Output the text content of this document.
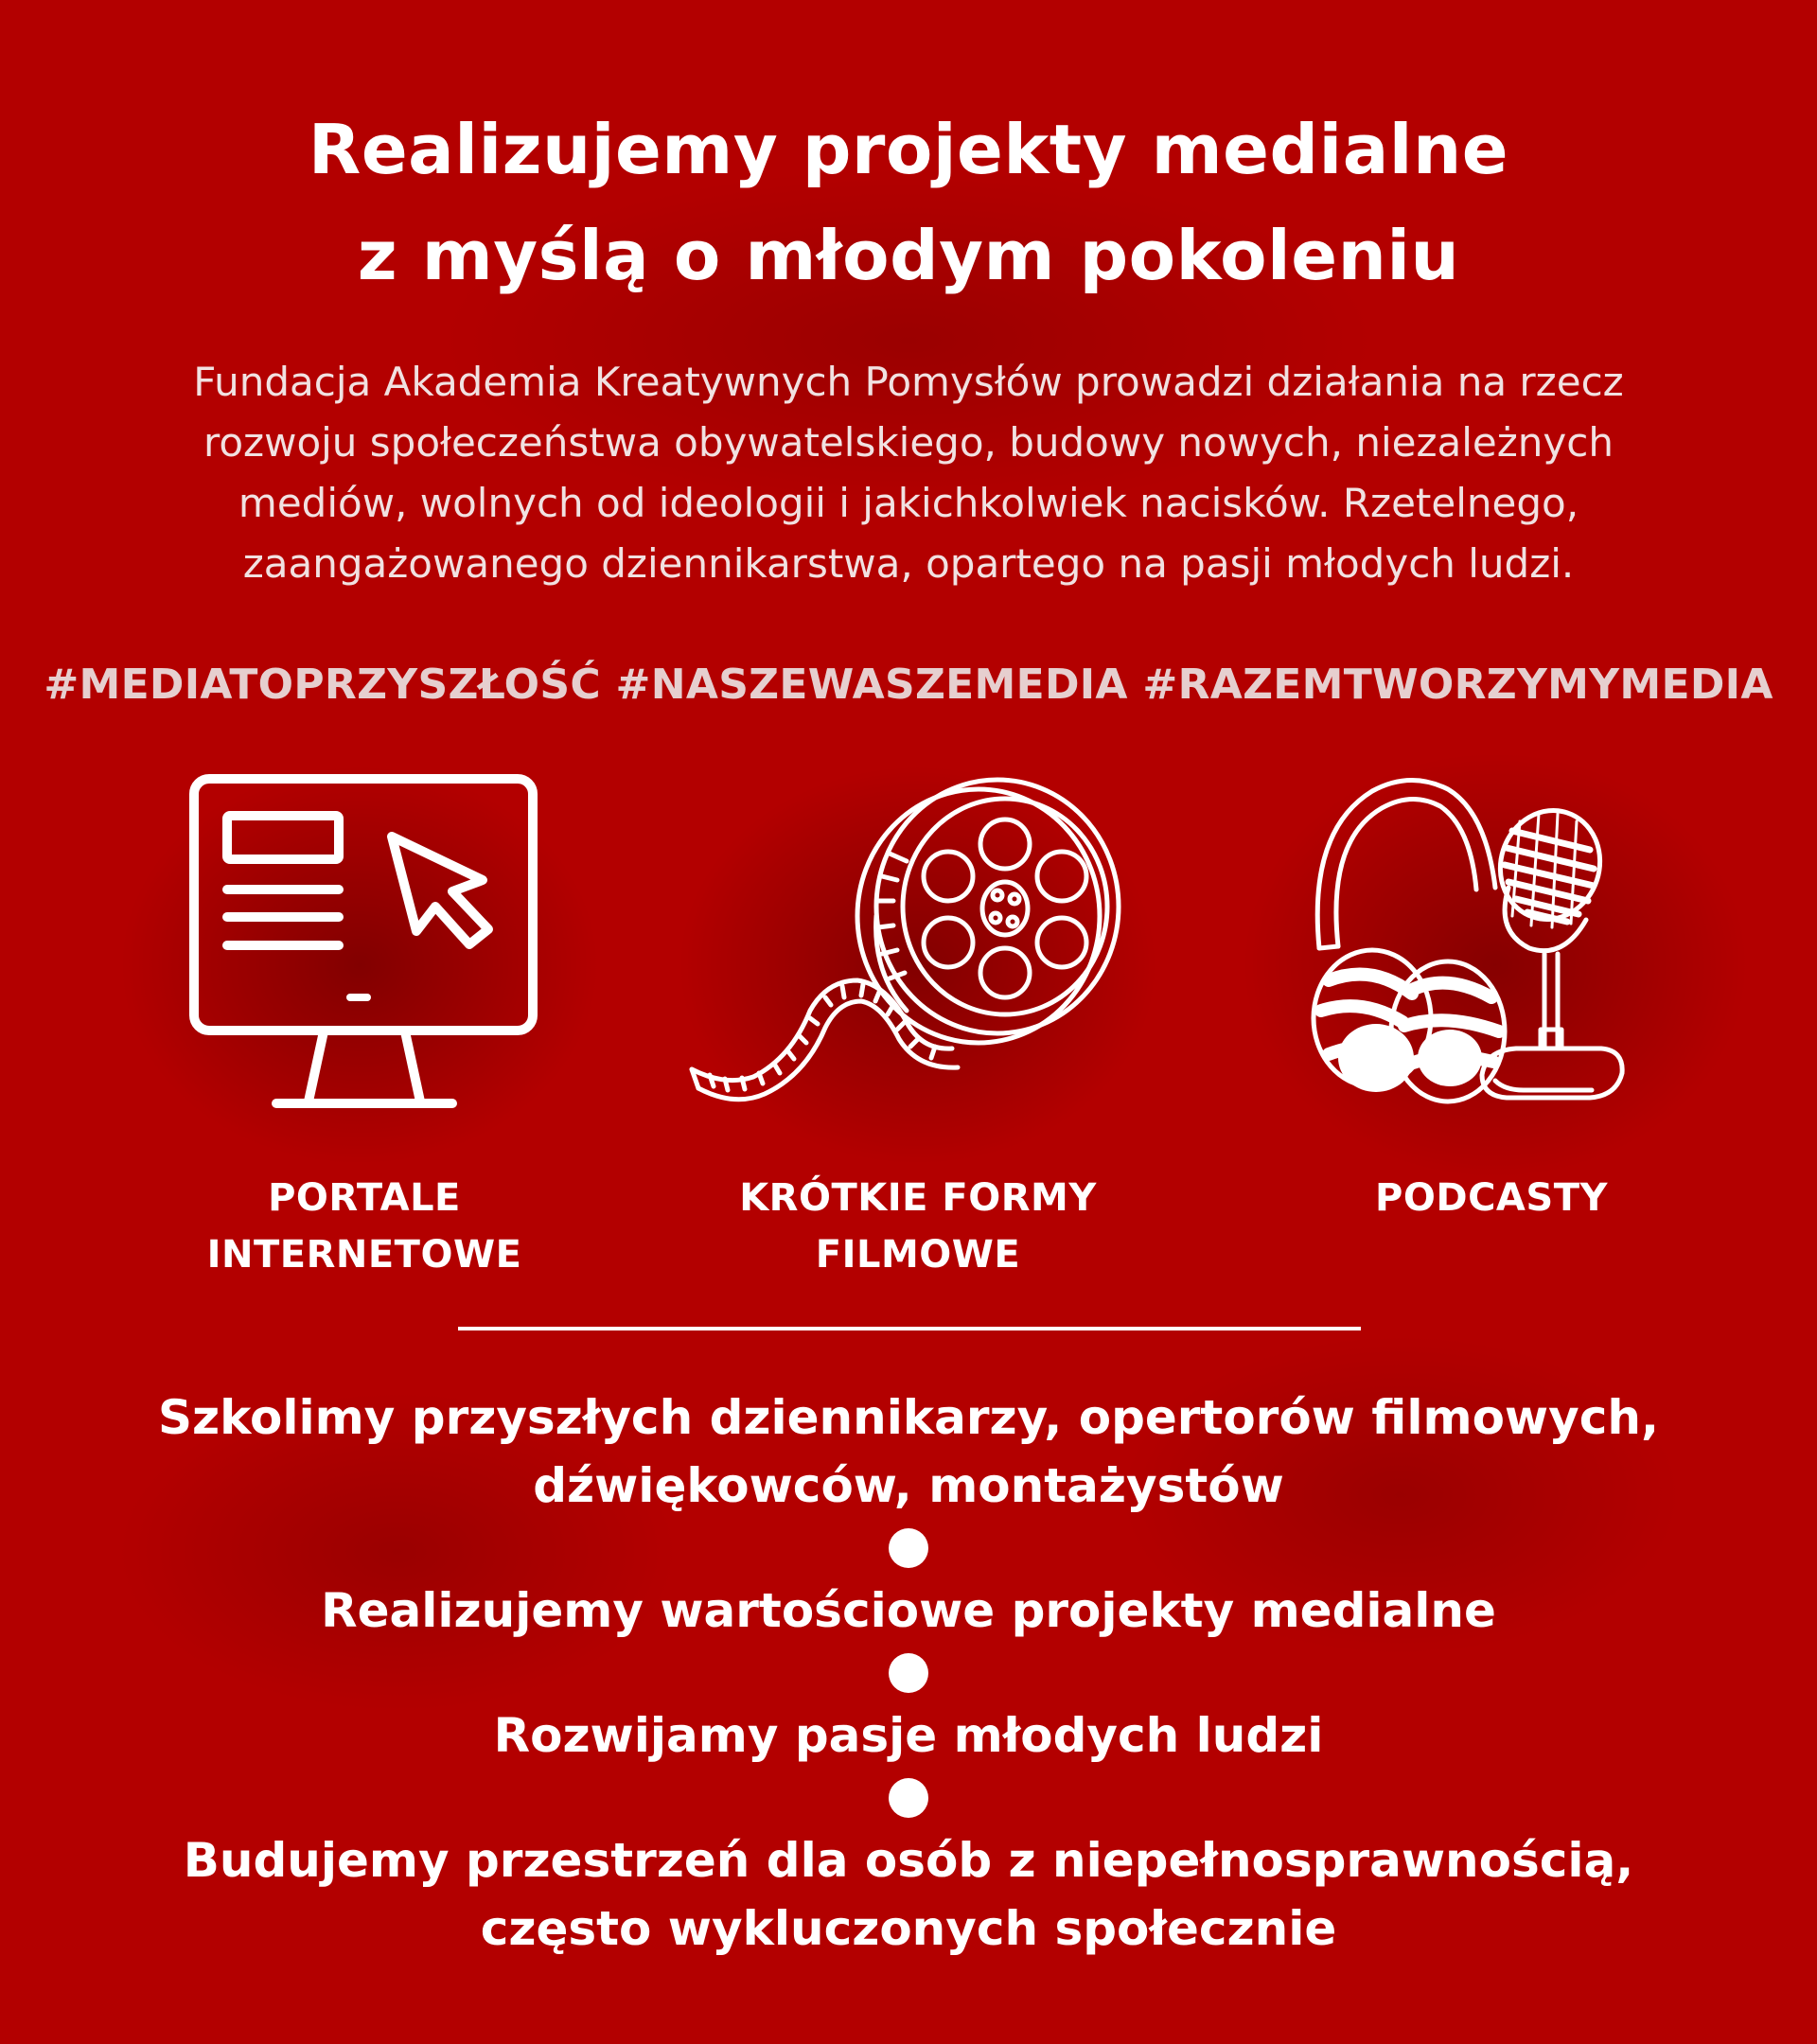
Realizujemy projekty medialne
z myślą o młodym pokoleniu
Fundacja Akademia Kreatywnych Pomysłów prowadzi działania na rzecz
rozwoju społeczeństwa obywatelskiego, budowy nowych, niezależnych
mediów, wolnych od ideologii i jakichkolwiek nacisków. Rzetelnego,
zaangażowanego dziennikarstwa, opartego na pasji młodych ludzi.
#MEDIATOPRZYSZŁOŚĆ #NASZEWASZEMEDIA #RAZEMTWORZYMYMEDIA
PORTALE
INTERNETOWE
KRÓTKIE FORMY
FILMOWE
PODCASTY
Szkolimy przyszłych dziennikarzy, opertorów filmowych,
dźwiękowców, montażystów
Realizujemy wartościowe projekty medialne
Rozwijamy pasje młodych ludzi
Budujemy przestrzeń dla osób z niepełnosprawnością,
często wykluczonych społecznie
